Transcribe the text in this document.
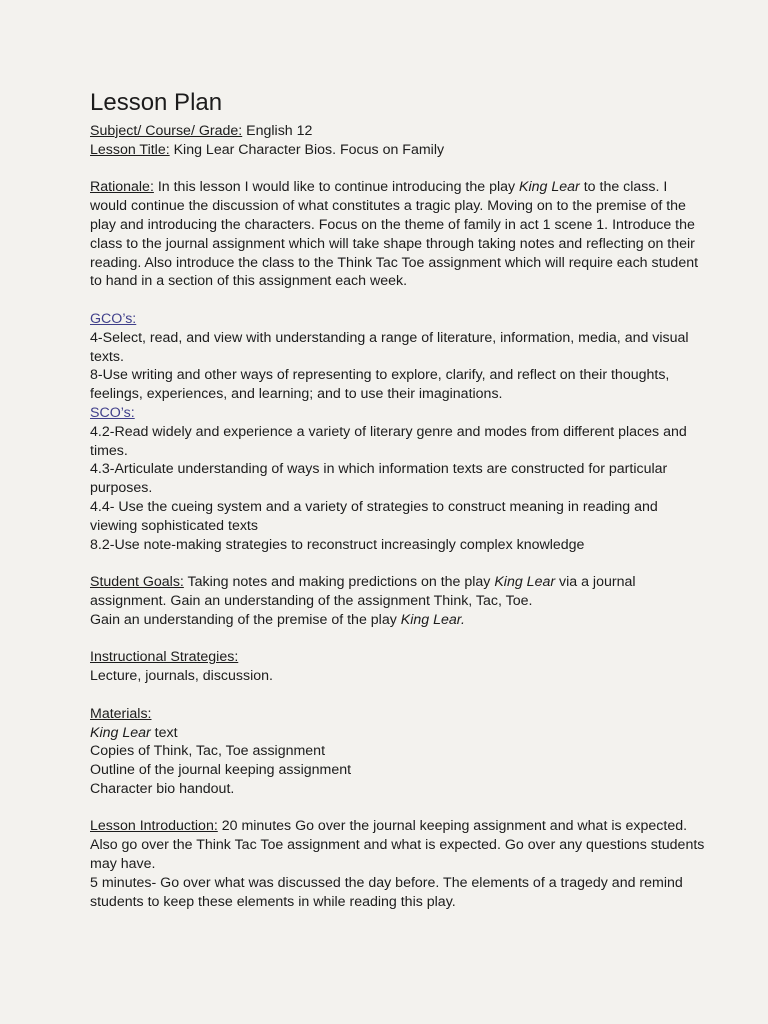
Lesson Plan

Subject/ Course/ Grade: English 12

Lesson Title: King Lear Character Bios. Focus on Family

Rationale: In this lesson I would like to continue introducing the play King Lear to the class. I would continue the discussion of what constitutes a tragic play. Moving on to the premise of the play and introducing the characters. Focus on the theme of family in act 1 scene 1. Introduce the class to the journal assignment which will take shape through taking notes and reflecting on their reading. Also introduce the class to the Think Tac Toe assignment which will require each student to hand in a section of this assignment each week.

GCO’s:

4-Select, read, and view with understanding a range of literature, information, media, and visual texts.

8-Use writing and other ways of representing to explore, clarify, and reflect on their thoughts, feelings, experiences, and learning; and to use their imaginations.

SCO’s:

4.2-Read widely and experience a variety of literary genre and modes from different places and times.

4.3-Articulate understanding of ways in which information texts are constructed for particular purposes.

4.4- Use the cueing system and a variety of strategies to construct meaning in reading and viewing sophisticated texts

8.2-Use note-making strategies to reconstruct increasingly complex knowledge

Student Goals: Taking notes and making predictions on the play King Lear via a journal assignment. Gain an understanding of the assignment Think, Tac, Toe.

Gain an understanding of the premise of the play King Lear.

Instructional Strategies:

Lecture, journals, discussion.

Materials:

King Lear text

Copies of Think, Tac, Toe assignment

Outline of the journal keeping assignment

Character bio handout.

Lesson Introduction: 20 minutes Go over the journal keeping assignment and what is expected. Also go over the Think Tac Toe assignment and what is expected. Go over any questions students may have.

5 minutes- Go over what was discussed the day before. The elements of a tragedy and remind students to keep these elements in while reading this play.
